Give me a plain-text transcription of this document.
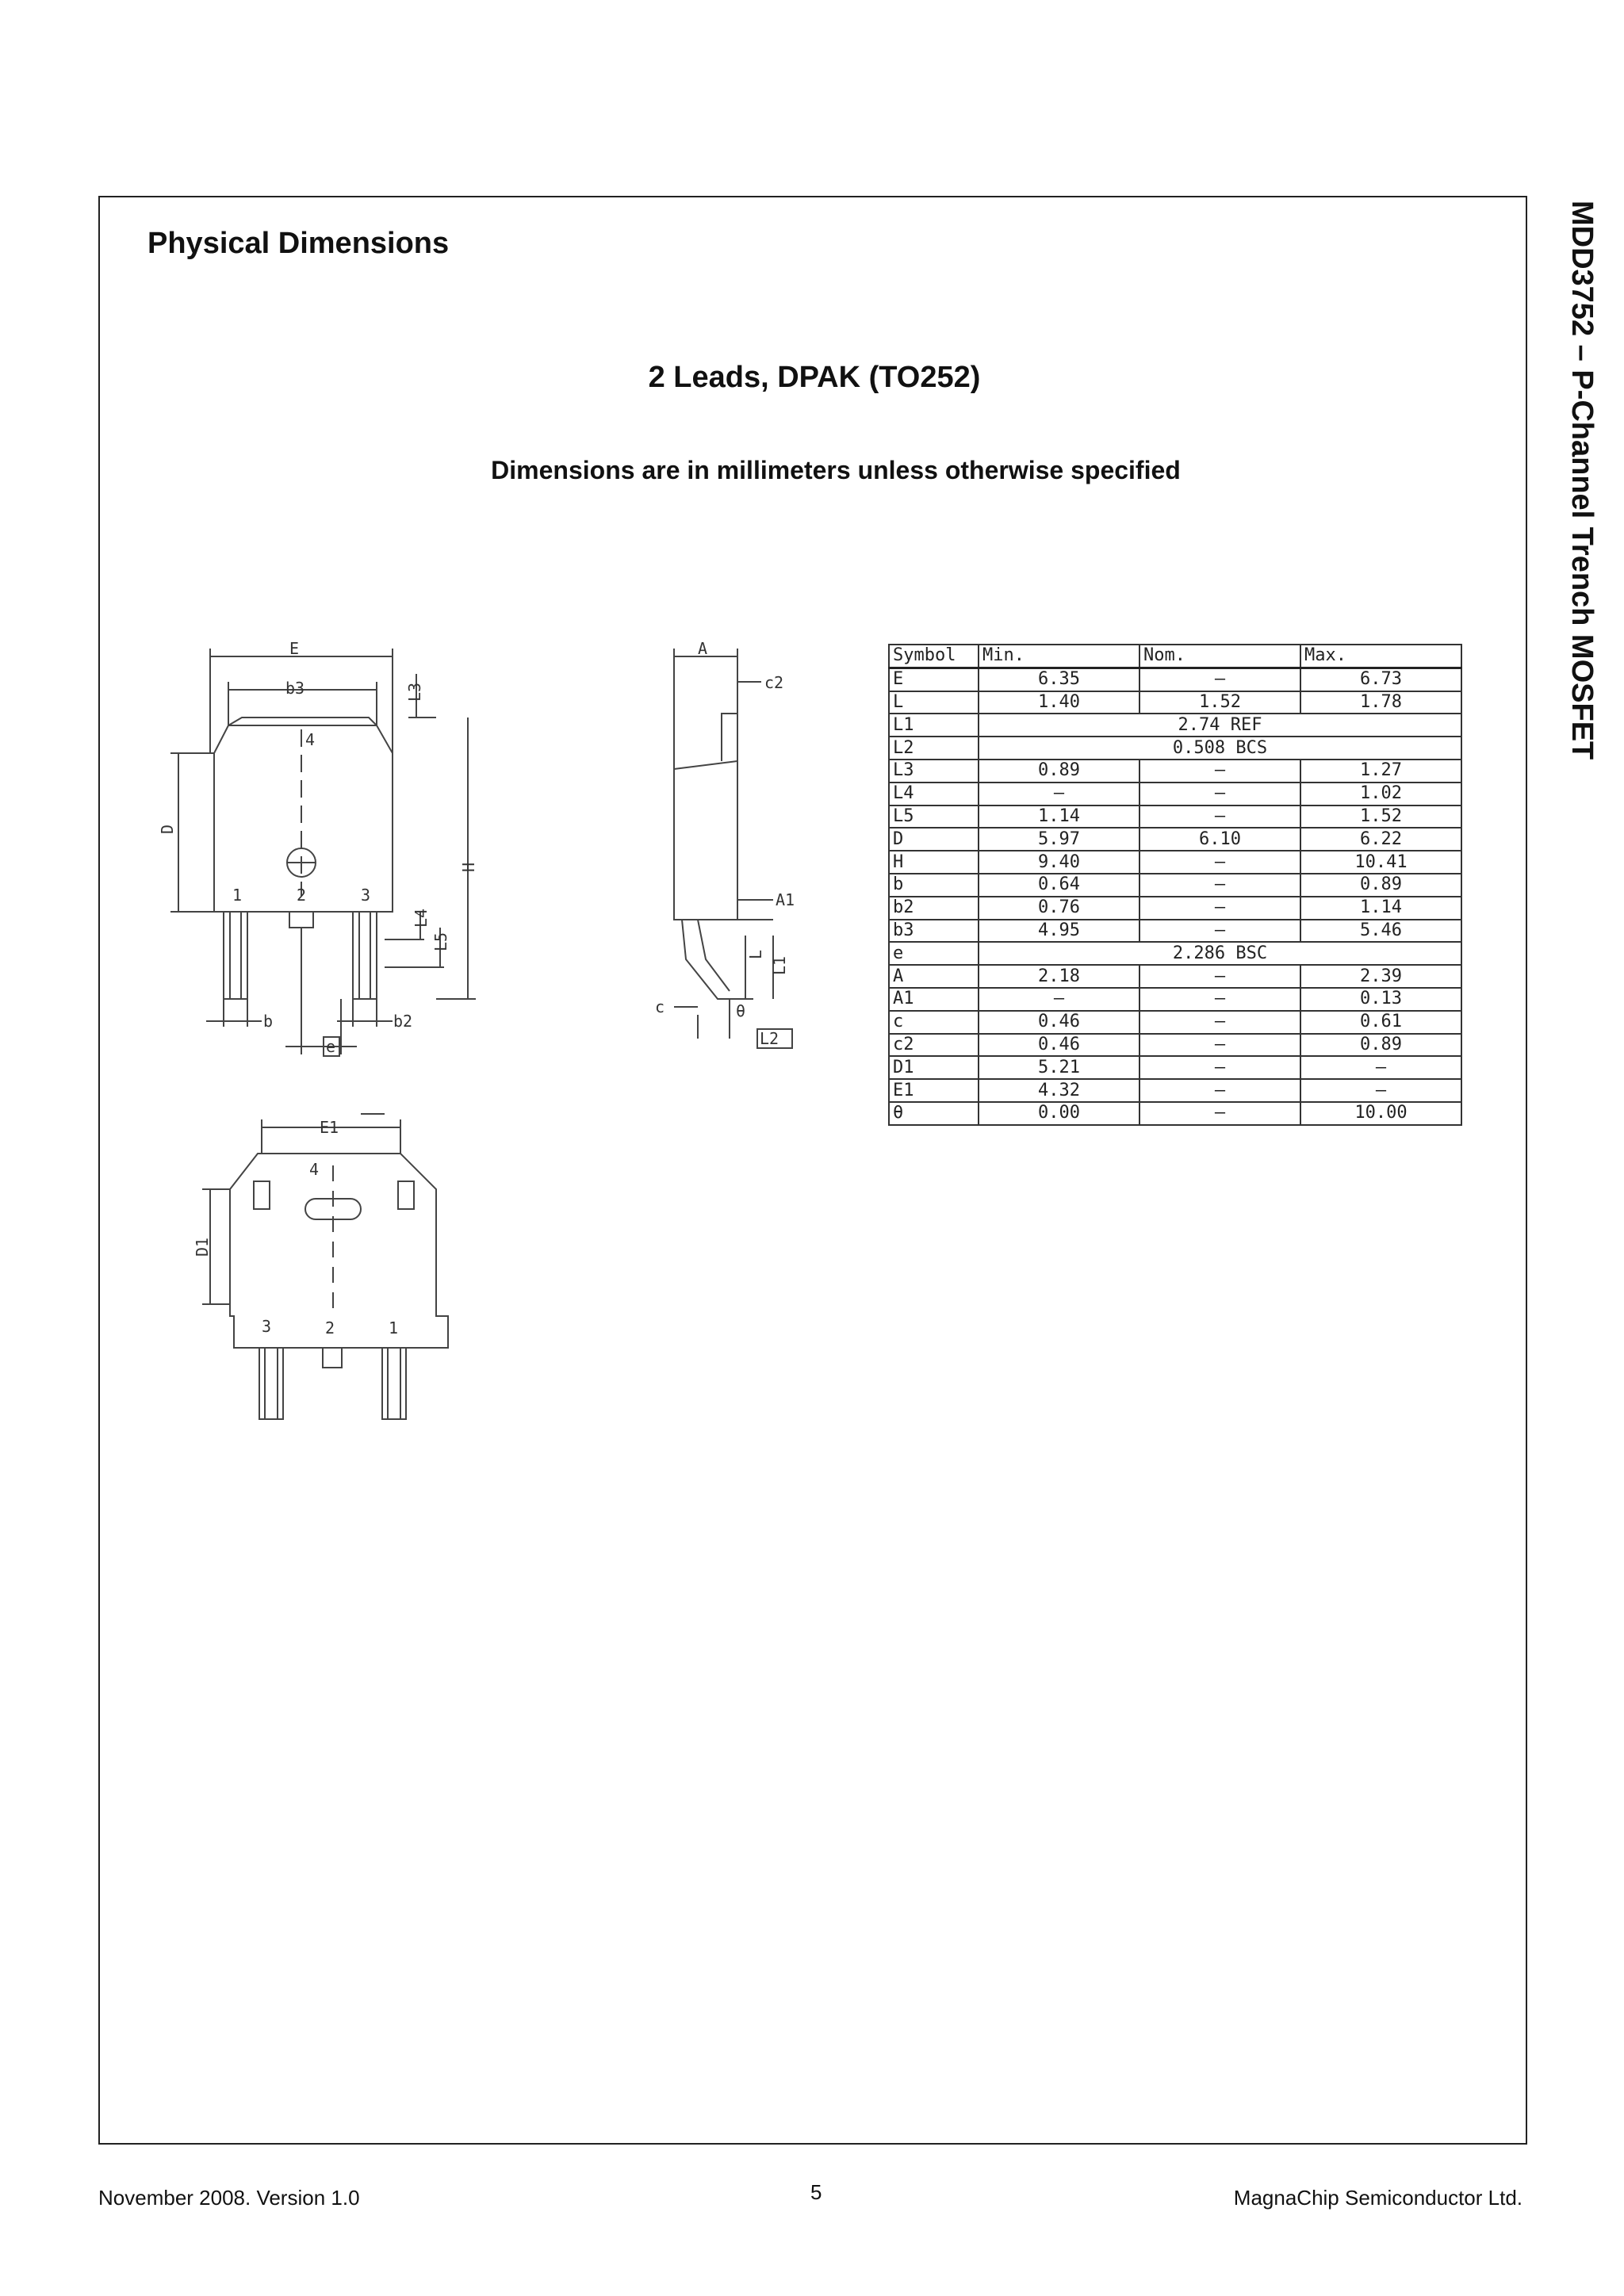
MDD3752 – P-Channel Trench MOSFET
Physical Dimensions
2 Leads, DPAK (TO252)
Dimensions are in millimeters unless otherwise specified
E
b3	L3
4
D
H
1	2	3
L4
L5
b	b2
e
A
c2
A1
L
L1
c	θ
L2
E1
4
D1
3	2	1
Symbol	Min.	Nom.	Max.
E	6.35	–	6.73
L	1.40	1.52	1.78
L1	2.74 REF		
L2	0.508 BCS		
L3	0.89	–	1.27
L4	–	–	1.02
L5	1.14	–	1.52
D	5.97	6.10	6.22
H	9.40	–	10.41
b	0.64	–	0.89
b2	0.76	–	1.14
b3	4.95	–	5.46
e	2.286 BSC		
A	2.18	–	2.39
A1	–	–	0.13
c	0.46	–	0.61
c2	0.46	–	0.89
D1	5.21	–	–
E1	4.32	–	–
θ	0.00	–	10.00
November 2008. Version 1.0	5	MagnaChip Semiconductor Ltd.
